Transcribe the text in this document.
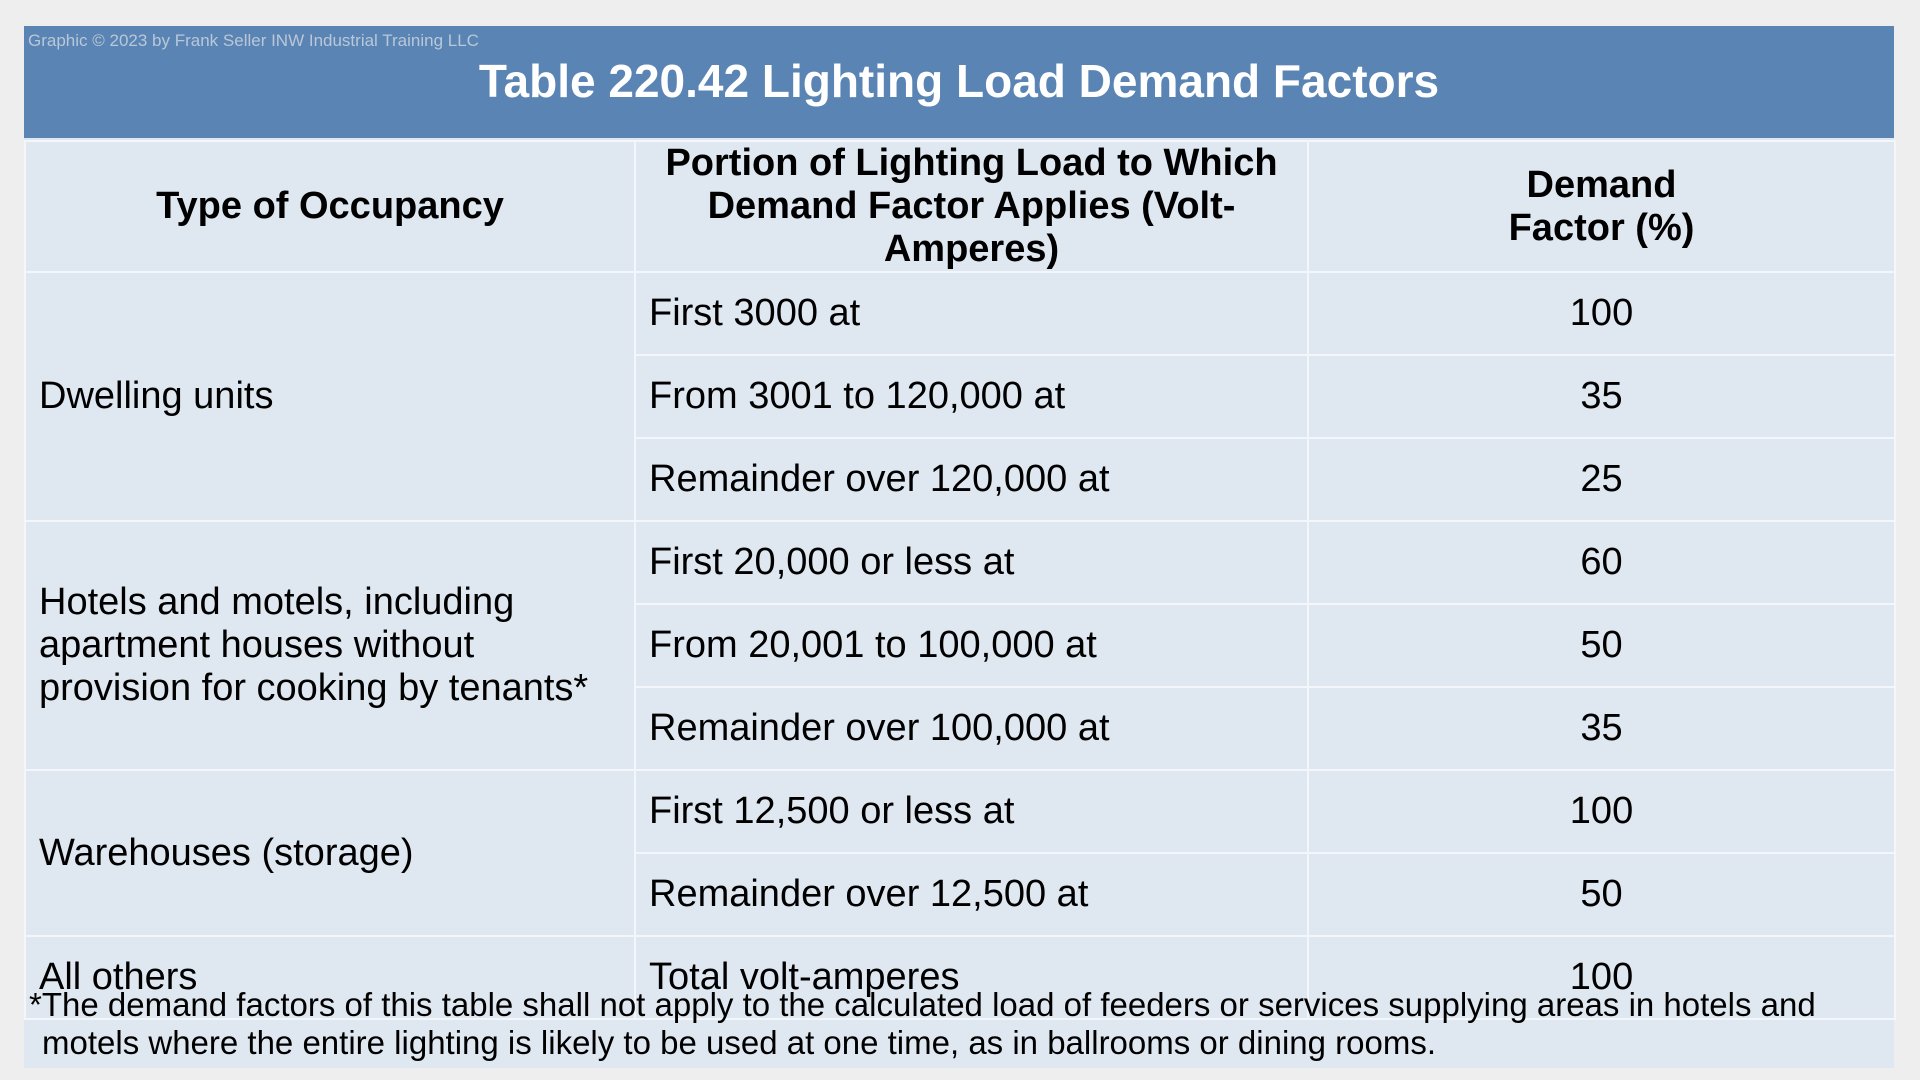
Graphic © 2023 by Frank Seller INW Industrial Training LLC
Table 220.42 Lighting Load Demand Factors
Type of Occupancy	Portion of Lighting Load to Which Demand Factor Applies (Volt-Amperes)	Demand Factor (%)
Dwelling units	First 3000 at	100
	From 3001 to 120,000 at	35
	Remainder over 120,000 at	25

Hotels and motels, including apartment houses without provision for cooking by tenants*	First 20,000 or less at	60
	From 20,001 to 100,000 at	50
	Remainder over 100,000 at	35
Warehouses (storage)	First 12,500 or less at	100
	Remainder over 12,500 at	50
All others	Total volt-amperes	100
*The demand factors of this table shall not apply to the calculated load of feeders or services supplying areas in hotels and
motels where the entire lighting is likely to be used at one time, as in ballrooms or dining rooms.
